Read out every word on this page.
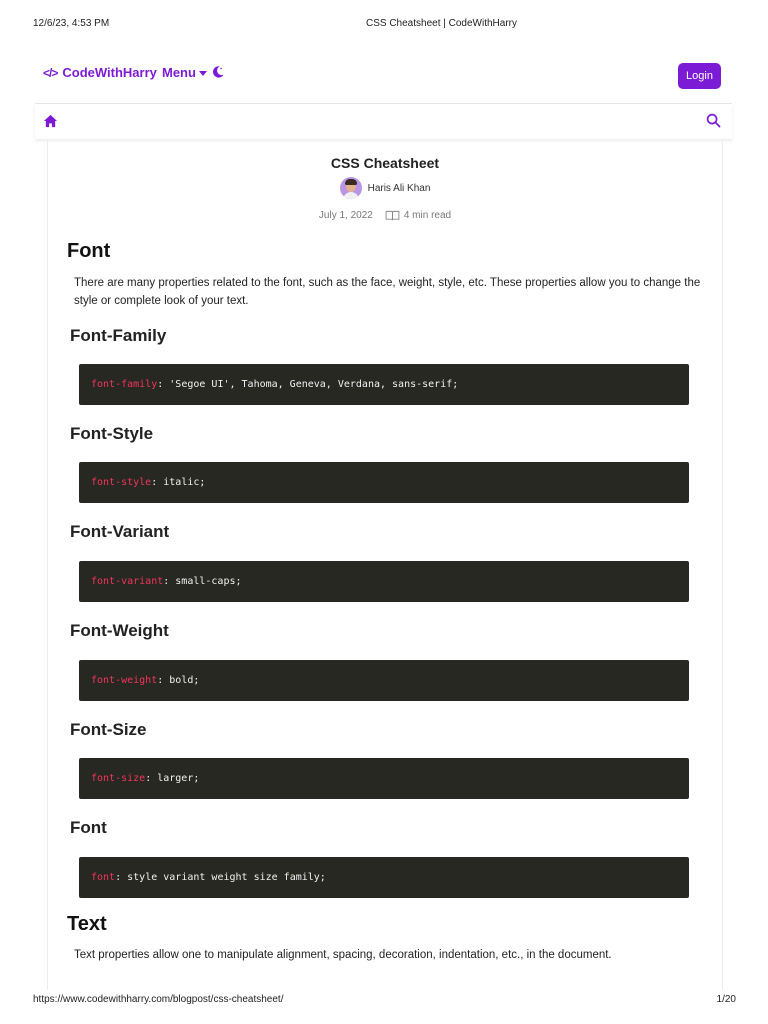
12/6/23, 4:53 PM	CSS Cheatsheet | CodeWithHarry
</> CodeWithHarry Menu	Login
CSS Cheatsheet
Haris Ali Khan
July 1, 2022	4 min read
Font
There are many properties related to the font, such as the face, weight, style, etc. These properties allow you to change the style or complete look of your text.
Font-Family
font-family : 'Segoe UI', Tahoma, Geneva, Verdana, sans-serif;
Font-Style
font-style : italic;
Font-Variant
font-variant : small-caps;
Font-Weight
font-weight : bold;
Font-Size
font-size : larger;
Font
font : style variant weight size family;
Text
Text properties allow one to manipulate alignment, spacing, decoration, indentation, etc., in the document.
https://www.codewithharry.com/blogpost/css-cheatsheet/	1/20
